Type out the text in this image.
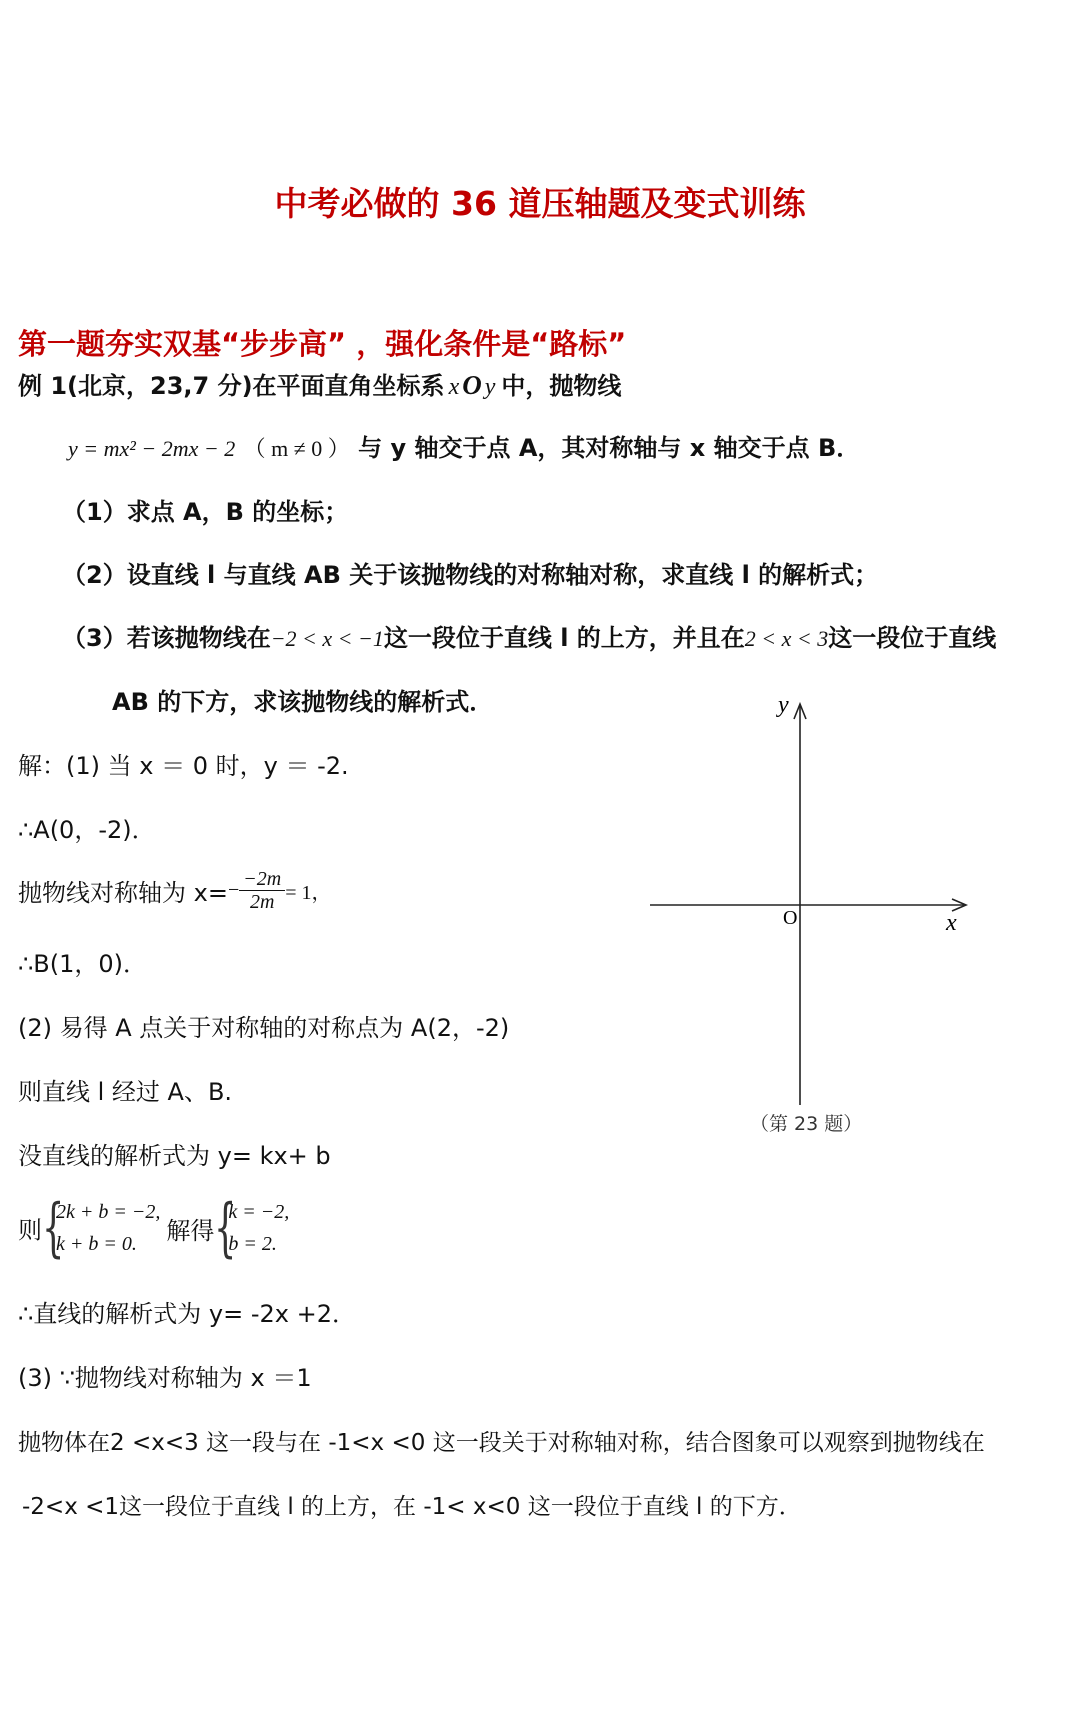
中考必做的 36 道压轴题及变式训练
第一题夯实双基“步步高” ，强化条件是“路标”
例 1(北京，23,7 分)在平面直角坐标系 x O y 中，抛物线
y = mx² − 2mx − 2 （ m ≠ 0 ） 与 y 轴交于点 A，其对称轴与 x 轴交于点 B．
（1）求点 A，B 的坐标；
（2）设直线 l 与直线 AB 关于该抛物线的对称轴对称，求直线 l 的解析式；
（3）若该抛物线在−2 < x < −1这一段位于直线 l 的上方，并且在2 < x < 3这一段位于直线
AB 的下方，求该抛物线的解析式．	y
x
O
（第 23 题）
解：(1) 当 x ＝ 0 时，y ＝ -2.
∴A(0，-2)．
抛物线对称轴为 $x=- \frac{-2m}{2m} = 1$，
∴B(1，0)．
(2) 易得 A 点关于对称轴的对称点为 A(2，-2)
则直线 l 经过 A、B.
没直线的解析式为 y= kx+ b
则 {
2k + b = −2,
k + b = 0.	解得 {
k = −2,
b = 2.
∴直线的解析式为 y= -2x +2．
(3) ∵抛物线对称轴为 x ＝1
抛物体在2 <x<3 这一段与在 -1<x <0 这一段关于对称轴对称，结合图象可以观察到抛物线在
-2<x <1这一段位于直线 l 的上方，在 -1< x<0 这一段位于直线 l 的下方．
